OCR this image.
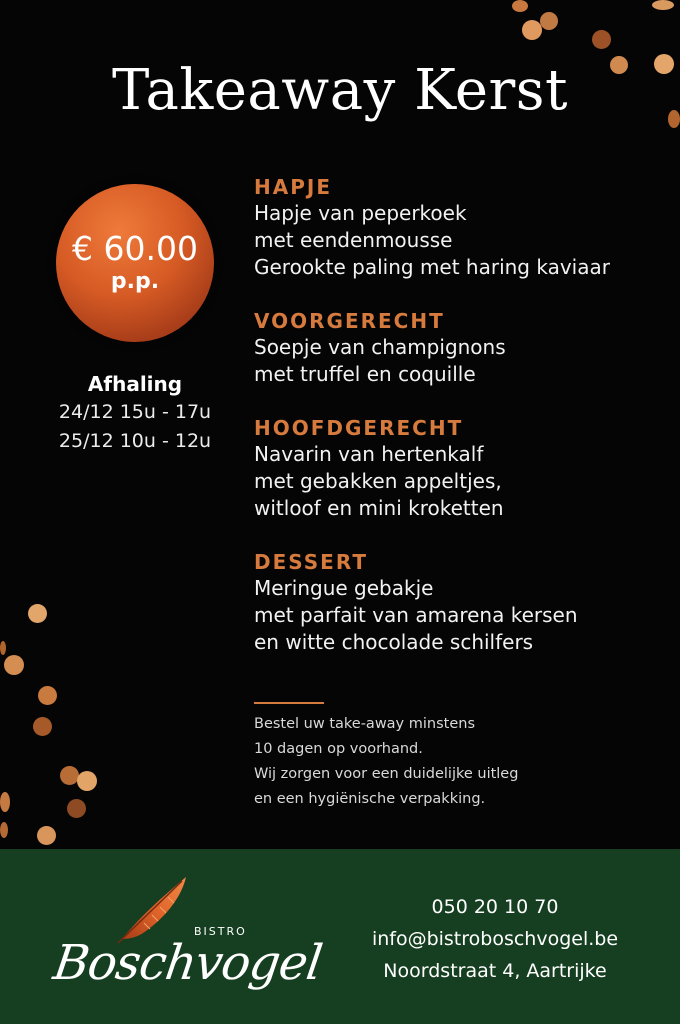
Takeaway Kerst
€ 60.00
p.p.
Afhaling
24/12 15u - 17u
25/12 10u - 12u
HAPJE
Hapje van peperkoek
met eendenmousse
Gerookte paling met haring kaviaar
VOORGERECHT
Soepje van champignons
met truffel en coquille
HOOFDGERECHT
Navarin van hertenkalf
met gebakken appeltjes,
witloof en mini kroketten
DESSERT
Meringue gebakje
met parfait van amarena kersen
en witte chocolade schilfers
Bestel uw take-away minstens
10 dagen op voorhand.
Wij zorgen voor een duidelijke uitleg
en een hygiënische verpakking.
BISTRO
Boschvogel
050 20 10 70
info@bistroboschvogel.be
Noordstraat 4, Aartrijke
